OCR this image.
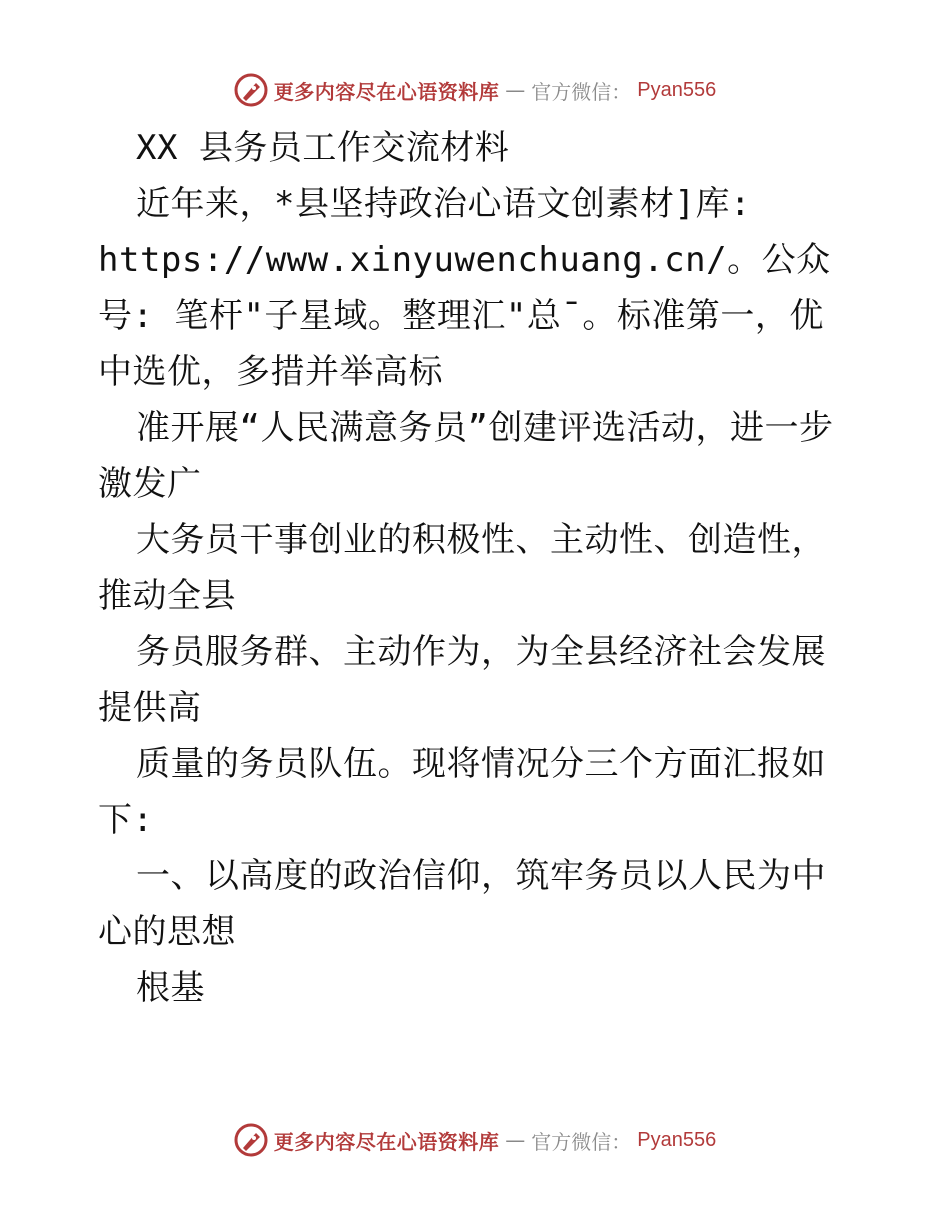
更多内容尽在心语资料库 — 官方微信： Pyan556

XX 县务员工作交流材料

近年来，*县坚持政治心语文创素材]库:

https://www.xinyuwenchuang.cn/。公众号: 笔杆"子星域。整理汇"总¯。标准第一，优中选优，多措并举高标

准开展“人民满意务员”创建评选活动，进一步激发广

大务员干事创业的积极性、主动性、创造性，推动全县

务员服务群、主动作为，为全县经济社会发展提供高

质量的务员队伍。现将情况分三个方面汇报如下:

一、以高度的政治信仰，筑牢务员以人民为中心的思想

根基

更多内容尽在心语资料库 — 官方微信： Pyan556
